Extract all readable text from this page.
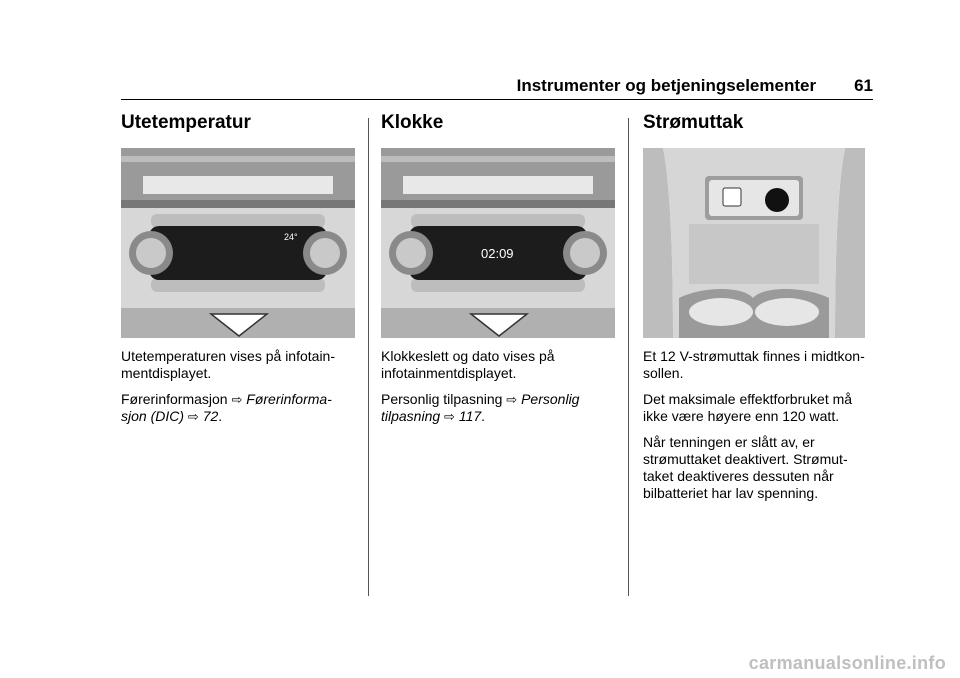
Instrumenter og betjeningselementer 61
Utetemperatur
24°

Utetemperaturen vises på infotain-
mentdisplayet.

Førerinformasjon ⇨ Førerinforma-
sjon (DIC) ⇨ 72.

Klokke
02:09

Klokkeslett og dato vises på
infotainmentdisplayet.

Personlig tilpasning ⇨ Personlig
tilpasning ⇨ 117.

Strømuttak

Et 12 V-strømuttak finnes i midtkon-
sollen.

Det maksimale effektforbruket må
ikke være høyere enn 120 watt.

Når tenningen er slått av, er
strømuttaket deaktivert. Strømut-
taket deaktiveres dessuten når
bilbatteriet har lav spenning.

carmanualsonline.info
